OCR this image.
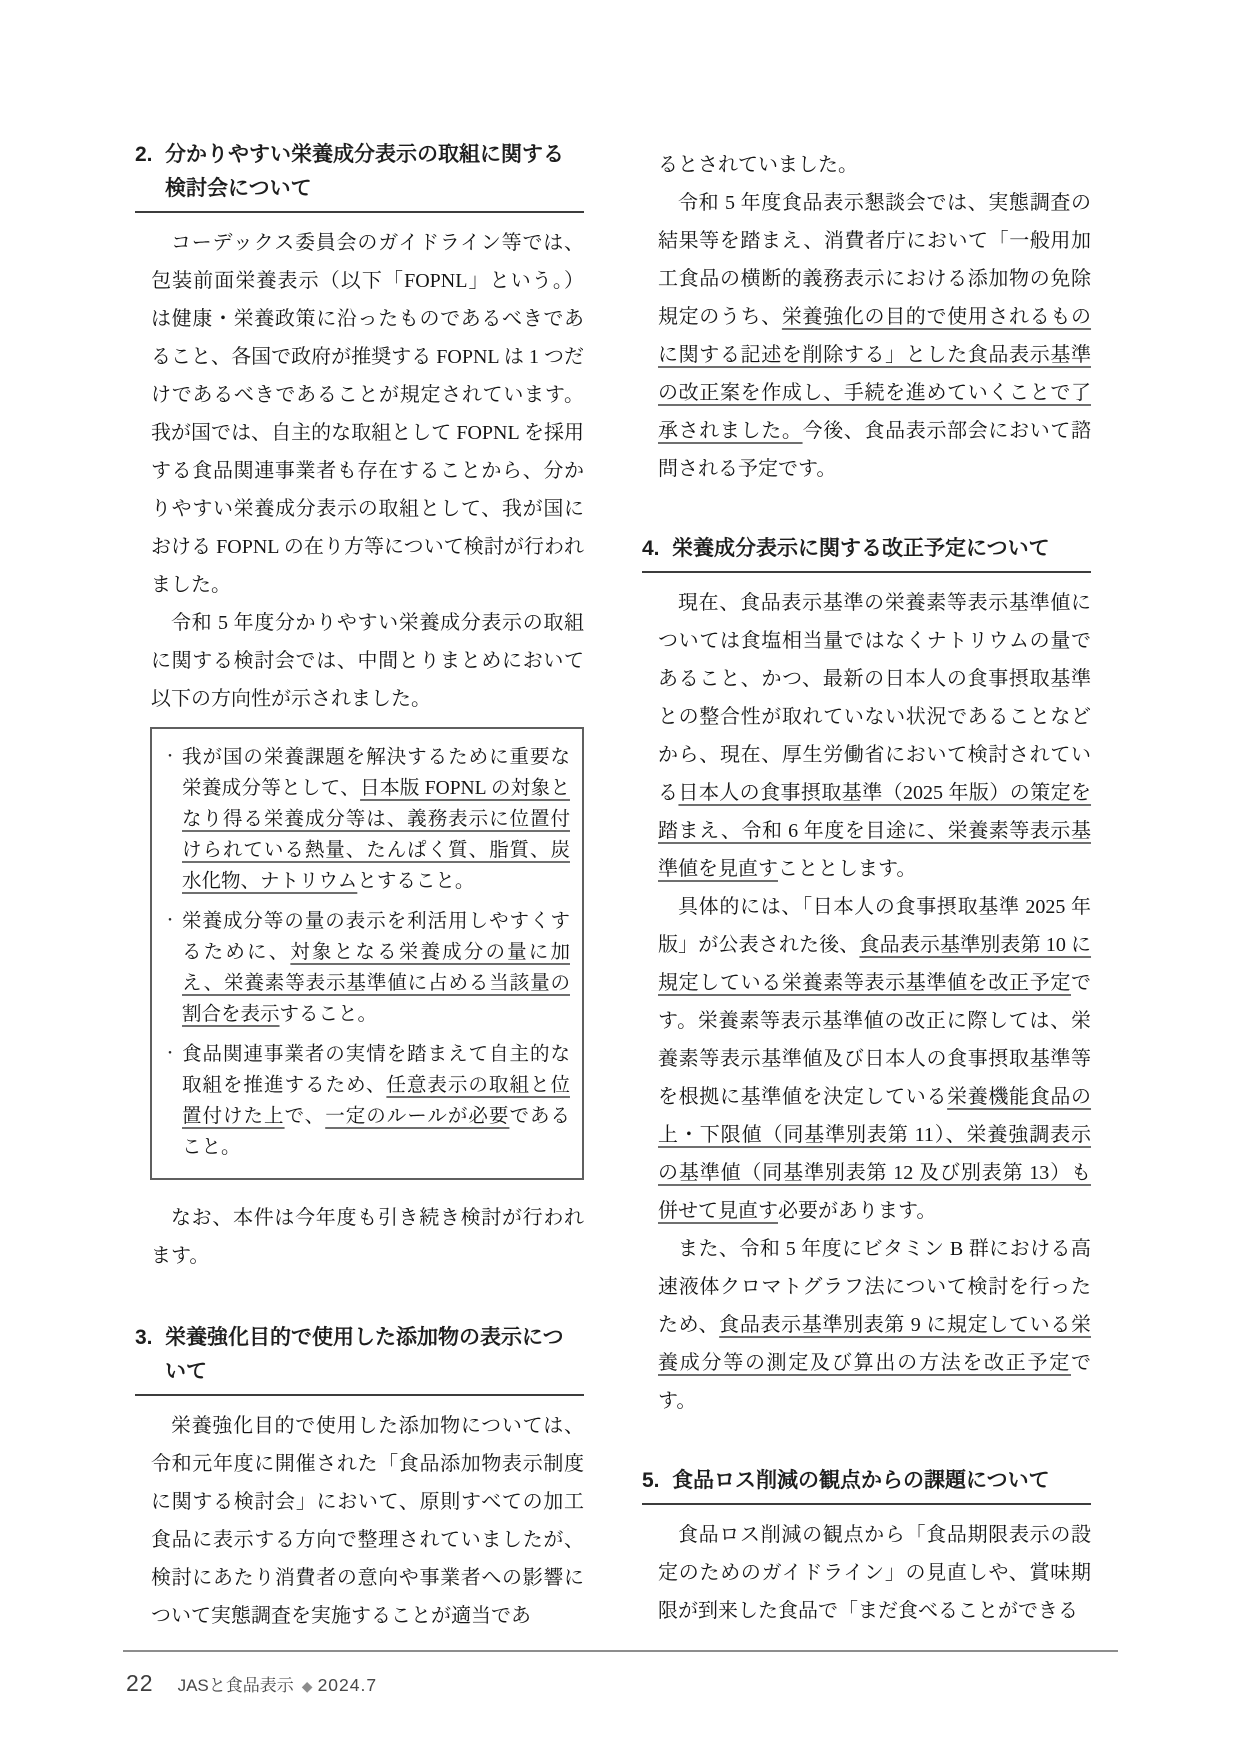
2. 分かりやすい栄養成分表示の取組に関する検討会について

コーデックス委員会のガイドライン等では、包装前面栄養表示（以下「FOPNL」という。）は健康・栄養政策に沿ったものであるべきであること、各国で政府が推奨する FOPNL は 1 つだけであるべきであることが規定されています。我が国では、自主的な取組として FOPNL を採用する食品関連事業者も存在することから、分かりやすい栄養成分表示の取組として、我が国における FOPNL の在り方等について検討が行われました。

令和 5 年度分かりやすい栄養成分表示の取組に関する検討会では、中間とりまとめにおいて以下の方向性が示されました。

・ 我が国の栄養課題を解決するために重要な栄養成分等として、日本版 FOPNL の対象となり得る栄養成分等は、義務表示に位置付けられている熱量、たんぱく質、脂質、炭水化物、ナトリウムとすること。
・ 栄養成分等の量の表示を利活用しやすくするために、対象となる栄養成分の量に加え、栄養素等表示基準値に占める当該量の割合を表示すること。
・ 食品関連事業者の実情を踏まえて自主的な取組を推進するため、任意表示の取組と位置付けた上で、一定のルールが必要であること。

なお、本件は今年度も引き続き検討が行われます。

3. 栄養強化目的で使用した添加物の表示について

栄養強化目的で使用した添加物については、令和元年度に開催された「食品添加物表示制度に関する検討会」において、原則すべての加工食品に表示する方向で整理されていましたが、検討にあたり消費者の意向や事業者への影響について実態調査を実施することが適当であ

るとされていました。

令和 5 年度食品表示懇談会では、実態調査の結果等を踏まえ、消費者庁において「一般用加工食品の横断的義務表示における添加物の免除規定のうち、栄養強化の目的で使用されるものに関する記述を削除する」とした食品表示基準の改正案を作成し、手続を進めていくことで了承されました。今後、食品表示部会において諮問される予定です。

4. 栄養成分表示に関する改正予定について

現在、食品表示基準の栄養素等表示基準値については食塩相当量ではなくナトリウムの量であること、かつ、最新の日本人の食事摂取基準との整合性が取れていない状況であることなどから、現在、厚生労働省において検討されている日本人の食事摂取基準（2025 年版）の策定を踏まえ、令和 6 年度を目途に、栄養素等表示基準値を見直すこととします。

具体的には、「日本人の食事摂取基準 2025 年版」が公表された後、食品表示基準別表第 10 に規定している栄養素等表示基準値を改正予定です。栄養素等表示基準値の改正に際しては、栄養素等表示基準値及び日本人の食事摂取基準等を根拠に基準値を決定している栄養機能食品の上・下限値（同基準別表第 11）、栄養強調表示の基準値（同基準別表第 12 及び別表第 13）も併せて見直す必要があります。

また、令和 5 年度にビタミン B 群における高速液体クロマトグラフ法について検討を行ったため、食品表示基準別表第 9 に規定している栄養成分等の測定及び算出の方法を改正予定です。

5. 食品ロス削減の観点からの課題について

食品ロス削減の観点から「食品期限表示の設定のためのガイドライン」の見直しや、賞味期限が到来した食品で「まだ食べることができる

22 JASと食品表示 ◆ 2024.7
